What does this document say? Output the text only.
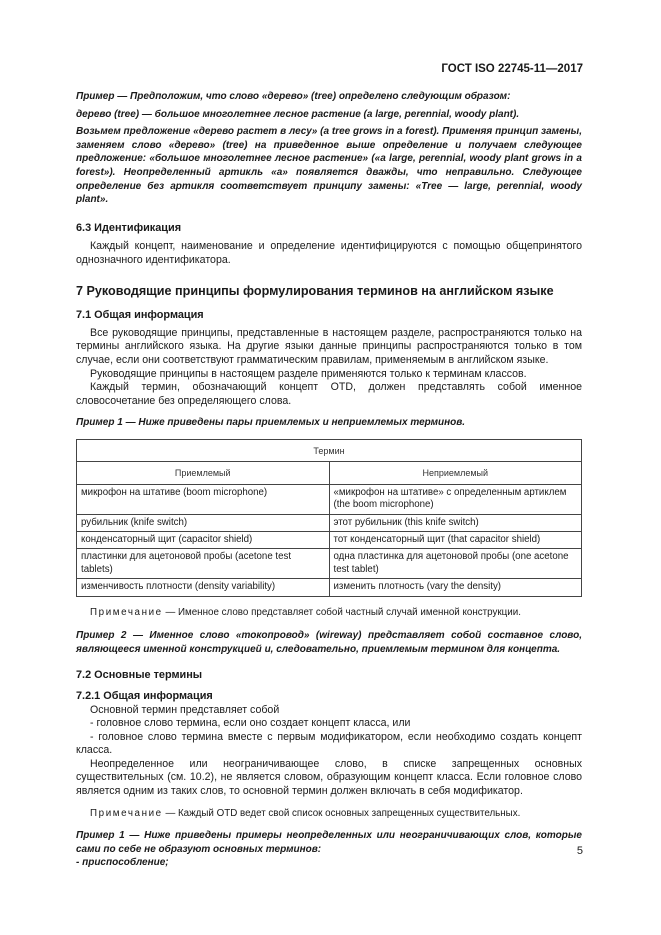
ГОСТ ISO 22745-11—2017

Пример — Предположим, что слово «дерево» (tree) определено следующим образом:

дерево (tree) — большое многолетнее лесное растение (a large, perennial, woody plant).

Возьмем предложение «дерево растет в лесу» (a tree grows in a forest). Применяя принцип замены, заменяем слово «дерево» (tree) на приведенное выше определение и получаем следующее предложение: «большое многолетнее лесное растение» («a large, perennial, woody plant grows in a forest»). Неопределенный артикль «a» появляется дважды, что неправильно. Следующее определение без артикля соответствует принципу замены: «Tree — large, perennial, woody plant».

6.3 Идентификация

Каждый концепт, наименование и определение идентифицируются с помощью общепринятого однозначного идентификатора.

7 Руководящие принципы формулирования терминов на английском языке

7.1 Общая информация

Все руководящие принципы, представленные в настоящем разделе, распространяются только на термины английского языка. На другие языки данные принципы распространяются только в том случае, если они соответствуют грамматическим правилам, применяемым в английском языке.

Руководящие принципы в настоящем разделе применяются только к терминам классов.

Каждый термин, обозначающий концепт OTD, должен представлять собой именное словосочетание без определяющего слова.

Пример 1 — Ниже приведены пары приемлемых и неприемлемых терминов.

Термин	
Приемлемый	Неприемлемый
микрофон на штативе (boom microphone)	«микрофон на штативе» с определенным артиклем (the boom microphone)
рубильник (knife switch)	этот рубильник (this knife switch)
конденсаторный щит (capacitor shield)	тот конденсаторный щит (that capacitor shield)
пластинки для ацетоновой пробы (acetone test tablets)	одна пластинка для ацетоновой пробы (one acetone test tablet)
изменчивость плотности (density variability)	изменить плотность (vary the density)

Примечание — Именное слово представляет собой частный случай именной конструкции.

Пример 2 — Именное слово «токопровод» (wireway) представляет собой составное слово, являющееся именной конструкцией и, следовательно, приемлемым термином для концепта.

7.2 Основные термины

7.2.1 Общая информация

Основной термин представляет собой

- головное слово термина, если оно создает концепт класса, или

- головное слово термина вместе с первым модификатором, если необходимо создать концепт класса.

Неопределенное или неограничивающее слово, в списке запрещенных основных существительных (см. 10.2), не является словом, образующим концепт класса. Если головное слово является одним из таких слов, то основной термин должен включать в себя модификатор.

Примечание — Каждый OTD ведет свой список основных запрещенных существительных.

Пример 1 — Ниже приведены примеры неопределенных или неограничивающих слов, которые сами по себе не образуют основных терминов:

- приспособление;

5
